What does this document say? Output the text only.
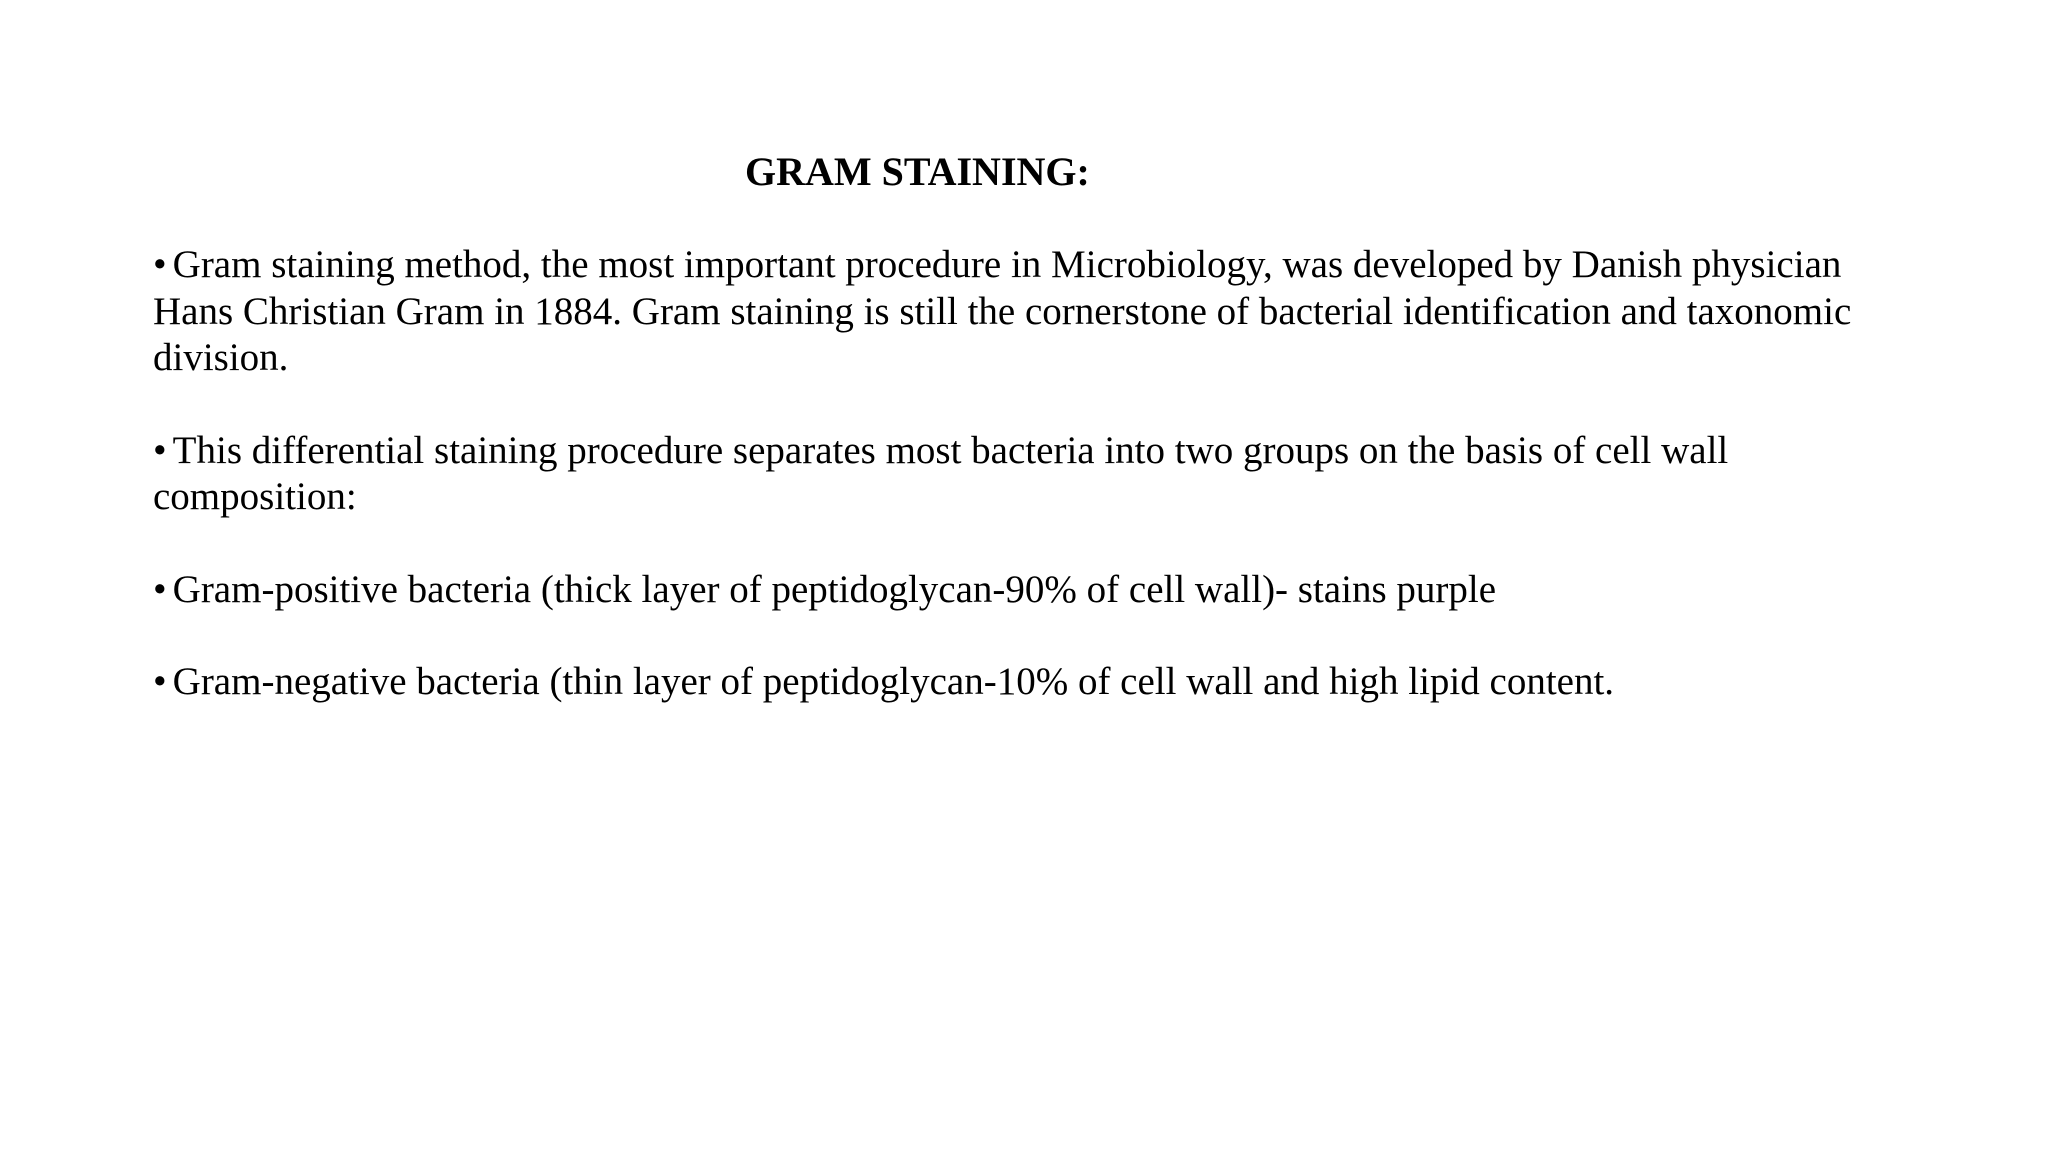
GRAM STAINING:

• Gram staining method, the most important procedure in Microbiology, was developed by Danish physician Hans Christian Gram in 1884. Gram staining is still the cornerstone of bacterial identification and taxonomic division.

• This differential staining procedure separates most bacteria into two groups on the basis of cell wall composition:

• Gram-positive bacteria (thick layer of peptidoglycan-90% of cell wall)- stains purple

• Gram-negative bacteria (thin layer of peptidoglycan-10% of cell wall and high lipid content.
